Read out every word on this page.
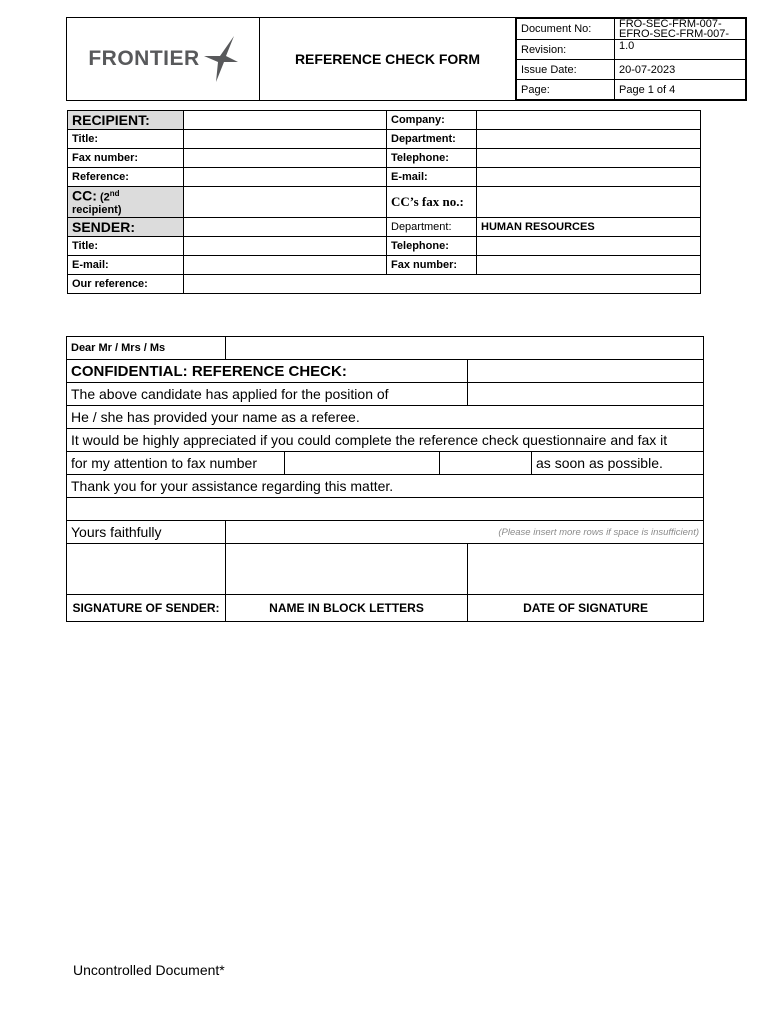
FRONTIER	REFERENCE CHECK FORM	
Document No:	FRO-SEC-FRM-007-
EFRO-SEC-FRM-007-

Revision:	1.0
Issue Date:	20-07-2023
Page:	Page 1 of 4
RECIPIENT:		Company:	
Title:		Department:	
Fax number:		Telephone:	
Reference:		E-mail:	
CC: (2nd
recipient)		CC’s fax no.:	
SENDER:		Department:	HUMAN RESOURCES
Title:		Telephone:	
E-mail:		Fax number:	
Our reference:			
Dear Mr / Mrs / Ms					
CONFIDENTIAL: REFERENCE CHECK:					
The above candidate has applied for the position of					
He / she has provided your name as a referee.					
It would be highly appreciated if you could complete the reference check questionnaire and fax it					
for my attention to fax number					as soon as possible.
Thank you for your assistance regarding this matter.					

Yours faithfully	(Please insert more rows if space is insufficient)				

SIGNATURE OF SENDER:	NAME IN BLOCK LETTERS			DATE OF SIGNATURE	
Uncontrolled Document*
